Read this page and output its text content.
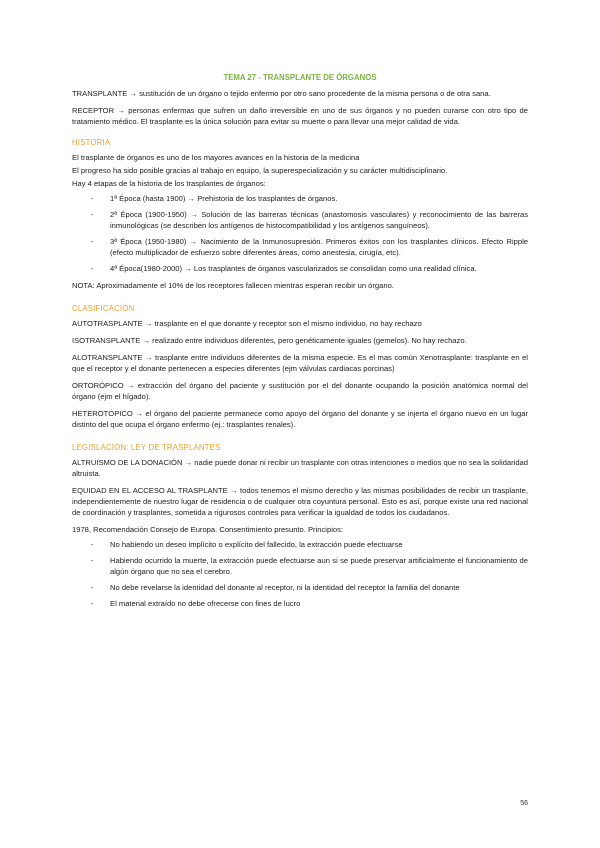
TEMA 27 - TRANSPLANTE DE ÓRGANOS

TRANSPLANTE → sustitución de un órgano o tejido enfermo por otro sano procedente de la misma persona o de otra sana.

RECEPTOR → personas enfermas que sufren un daño irreversible en uno de sus órganos y no pueden curarse con otro tipo de tratamiento médico. El trasplante es la única solución para evitar su muerte o para llevar una mejor calidad de vida.

HISTORIA

El trasplante de órganos es uno de los mayores avances en la historia de la medicina

El progreso ha sido posible gracias al trabajo en equipo, la superespecialización y su carácter multidisciplinario.

Hay 4 etapas de la historia de los trasplantes de órganos:

- 1ª Época (hasta 1900) → Prehistoria de los trasplantes de órganos.
- 2ª Época (1900-1950) → Solución de las barreras técnicas (anastomosis vasculares) y reconocimiento de las barreras inmunológicas (se describen los antígenos de histocompatibilidad y los antígenos sanguíneos).
- 3ª Época (1950-1980) → Nacimiento de la Inmunosupresión. Primeros éxitos con los trasplantes clínicos. Efecto Ripple (efecto multiplicador de esfuerzo sobre diferentes áreas, como anestesia, cirugía, etc).
- 4ª Época(1980-2000) → Los trasplantes de órganos vascularizados se consolidan como una realidad clínica.

NOTA: Aproximadamente el 10% de los receptores fallecen mientras esperan recibir un órgano.

CLASIFICACIÓN

AUTOTRASPLANTE → trasplante en el que donante y receptor son el mismo individuo, no hay rechazo

ISOTRANSPLANTE → realizado entre individuos diferentes, pero genéticamente iguales (gemelos). No hay rechazo.

ALOTRANSPLANTE → trasplante entre individuos diferentes de la misma especie. Es el mas común Xenotrasplante: trasplante en el que el receptor y el donante pertenecen a especies diferentes (ejm válvulas cardiacas porcinas)

ORTORÓPICO → extracción del órgano del paciente y sustitución por el del donante ocupando la posición anatómica normal del órgano (ejm el hígado).

HETEROTÓPICO → el órgano del paciente permanece como apoyo del órgano del donante y se injerta el órgano nuevo en un lugar distinto del que ocupa el órgano enfermo (ej.: trasplantes renales).

LEGISLACIÓN: LEY DE TRASPLANTES

ALTRUISMO DE LA DONACIÓN → nadie puede donar ni recibir un trasplante con otras intenciones o medios que no sea la solidaridad altruista.

EQUIDAD EN EL ACCESO AL TRASPLANTE → todos tenemos el mismo derecho y las mismas posibilidades de recibir un trasplante, independientemente de nuestro lugar de residencia o de cualquier otra coyuntura personal. Esto es así, porque existe una red nacional de coordinación y trasplantes, sometida a rigurosos controles para verificar la igualdad de todos los ciudadanos.

1978, Recomendación Consejo de Europa. Consentimiento presunto. Principios:

- No habiendo un deseo implícito o explícito del fallecido, la extracción puede efectuarse
- Habiendo ocurrido la muerte, la extracción puede efectuarse aun si se puede preservar artificialmente el funcionamiento de algún órgano que no sea el cerebro.
- No debe revelarse la identidad del donante al receptor, ni la identidad del receptor la familia del donante
- El material extraído no debe ofrecerse con fines de lucro
56
